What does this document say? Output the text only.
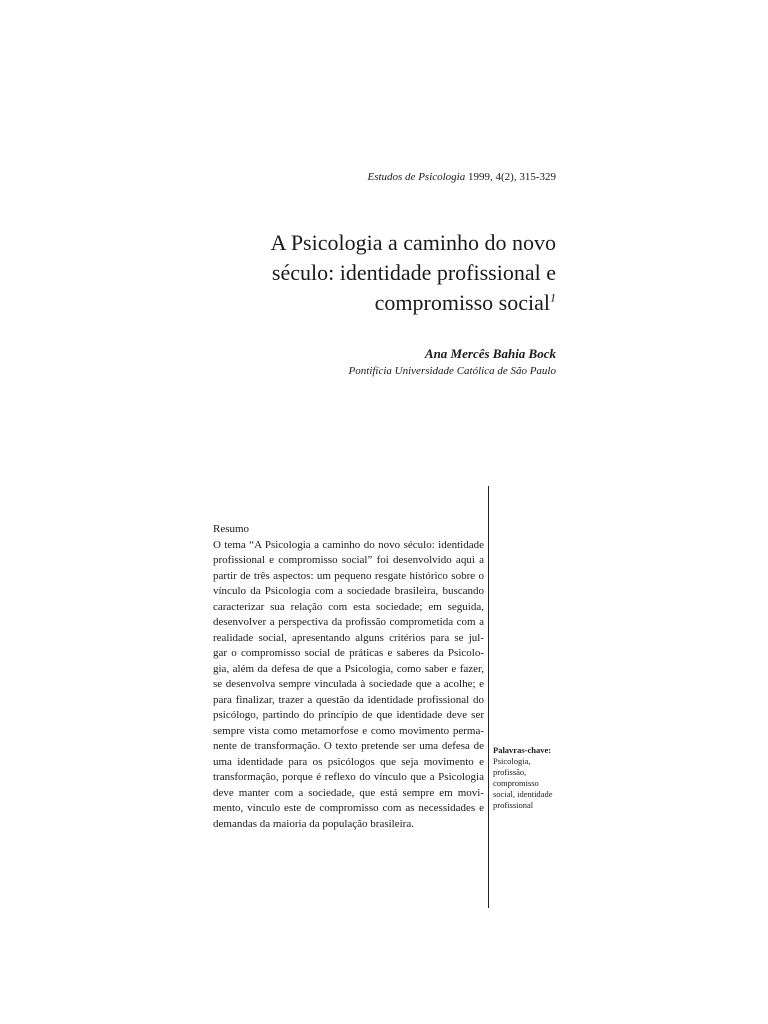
Estudos de Psicologia 1999, 4(2), 315-329
A Psicologia a caminho do novo
século: identidade profissional e
compromisso social$^1$
Ana Mercês Bahia Bock
Pontifícia Universidade Católica de São Paulo
Resumo
O tema “A Psicologia a caminho do novo século: identidade
profissional e compromisso social” foi desenvolvido aqui a
partir de três aspectos: um pequeno resgate histórico sobre o
vínculo da Psicologia com a sociedade brasileira, buscando
caracterizar sua relação com esta sociedade; em seguida,
desenvolver a perspectiva da profissão comprometida com a
realidade social, apresentando alguns critérios para se jul-
gar o compromisso social de práticas e saberes da Psicolo-
gia, além da defesa de que a Psicologia, como saber e fazer,
se desenvolva sempre vinculada à sociedade que a acolhe; e
para finalizar, trazer a questão da identidade profissional do
psicólogo, partindo do princípio de que identidade deve ser
sempre vista como metamorfose e como movimento perma-
nente de transformação. O texto pretende ser uma defesa de
uma identidade para os psicólogos que seja movimento e
transformação, porque é reflexo do vínculo que a Psicologia
deve manter com a sociedade, que está sempre em movi-
mento, vínculo este de compromisso com as necessidades e
demandas da maioria da população brasileira.
Palavras-chave:
Psicologia,
profissão,
compromisso
social, identidade
profissional
